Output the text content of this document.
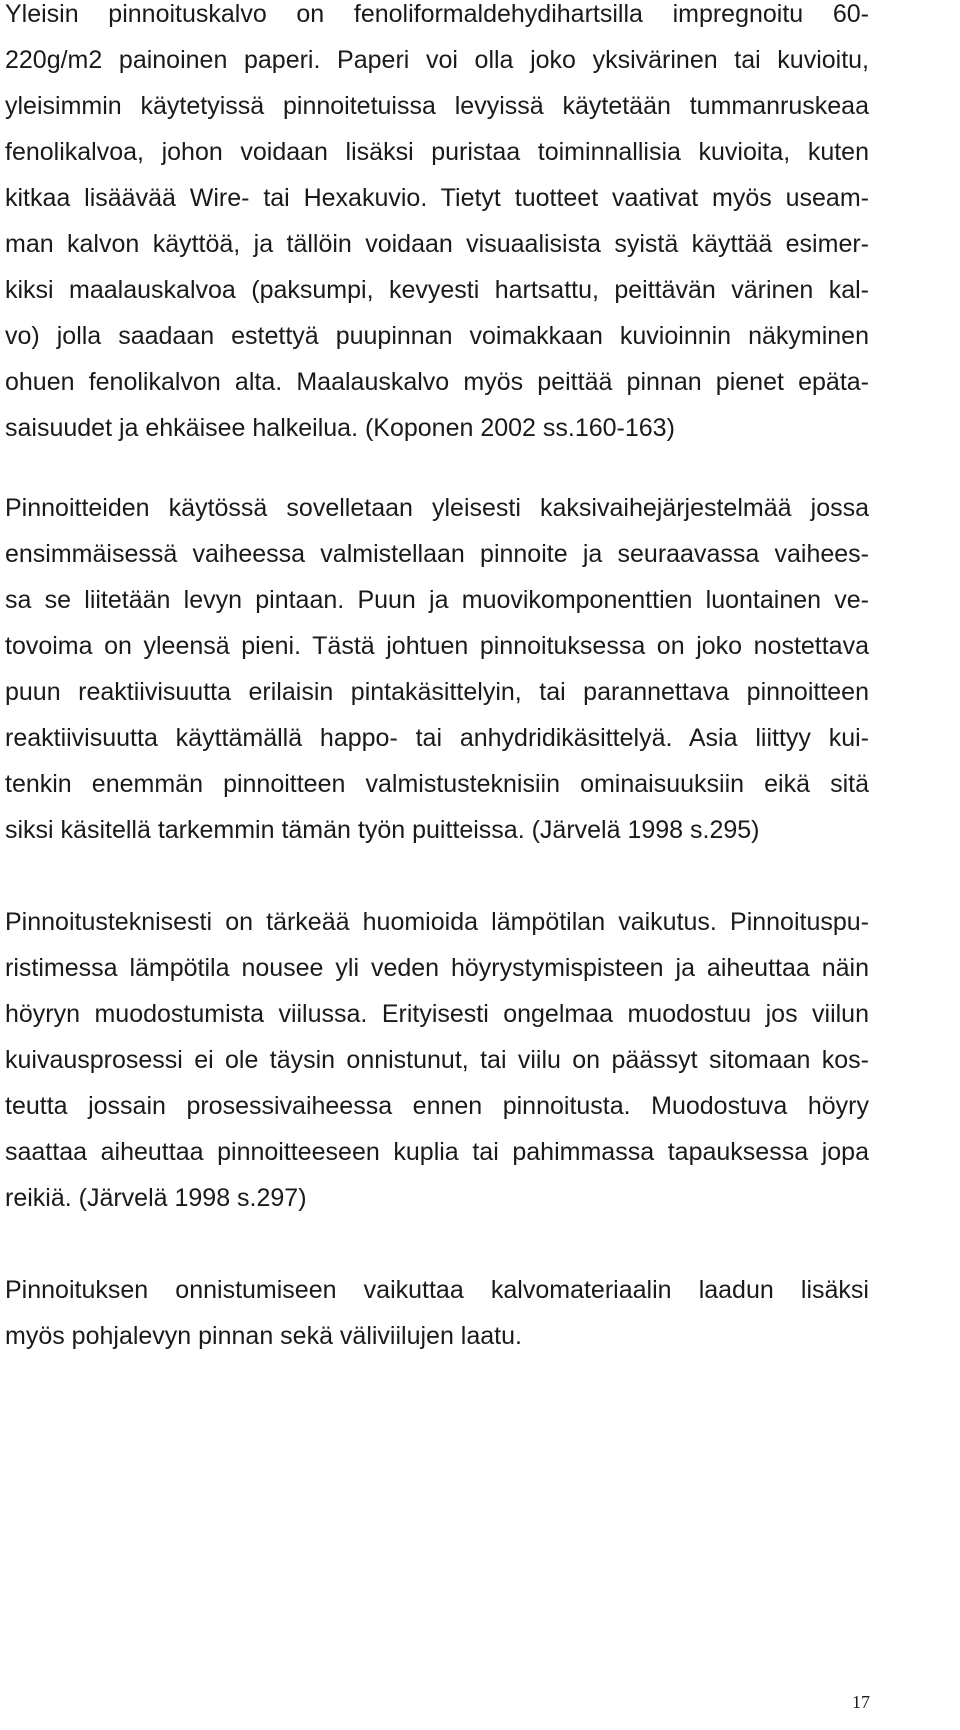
Yleisin pinnoituskalvo on fenoliformaldehydihartsilla impregnoitu 60-
220g/m2 painoinen paperi. Paperi voi olla joko yksivärinen tai kuvioitu,
yleisimmin käytetyissä pinnoitetuissa levyissä käytetään tummanruskeaa
fenolikalvoa, johon voidaan lisäksi puristaa toiminnallisia kuvioita, kuten
kitkaa lisäävää Wire- tai Hexakuvio. Tietyt tuotteet vaativat myös useam-
man kalvon käyttöä, ja tällöin voidaan visuaalisista syistä käyttää esimer-
kiksi maalauskalvoa (paksumpi, kevyesti hartsattu, peittävän värinen kal-
vo) jolla saadaan estettyä puupinnan voimakkaan kuvioinnin näkyminen
ohuen fenolikalvon alta. Maalauskalvo myös peittää pinnan pienet epäta-
saisuudet ja ehkäisee halkeilua. (Koponen 2002 ss.160-163)
Pinnoitteiden käytössä sovelletaan yleisesti kaksivaihejärjestelmää jossa
ensimmäisessä vaiheessa valmistellaan pinnoite ja seuraavassa vaihees-
sa se liitetään levyn pintaan. Puun ja muovikomponenttien luontainen ve-
tovoima on yleensä pieni. Tästä johtuen pinnoituksessa on joko nostettava
puun reaktiivisuutta erilaisin pintakäsittelyin, tai parannettava pinnoitteen
reaktiivisuutta käyttämällä happo- tai anhydridikäsittelyä. Asia liittyy kui-
tenkin enemmän pinnoitteen valmistusteknisiin ominaisuuksiin eikä sitä
siksi käsitellä tarkemmin tämän työn puitteissa. (Järvelä 1998 s.295)
Pinnoitusteknisesti on tärkeää huomioida lämpötilan vaikutus. Pinnoituspu-
ristimessa lämpötila nousee yli veden höyrystymispisteen ja aiheuttaa näin
höyryn muodostumista viilussa. Erityisesti ongelmaa muodostuu jos viilun
kuivausprosessi ei ole täysin onnistunut, tai viilu on päässyt sitomaan kos-
teutta jossain prosessivaiheessa ennen pinnoitusta. Muodostuva höyry
saattaa aiheuttaa pinnoitteeseen kuplia tai pahimmassa tapauksessa jopa
reikiä. (Järvelä 1998 s.297)
Pinnoituksen onnistumiseen vaikuttaa kalvomateriaalin laadun lisäksi
myös pohjalevyn pinnan sekä väliviilujen laatu.
17
